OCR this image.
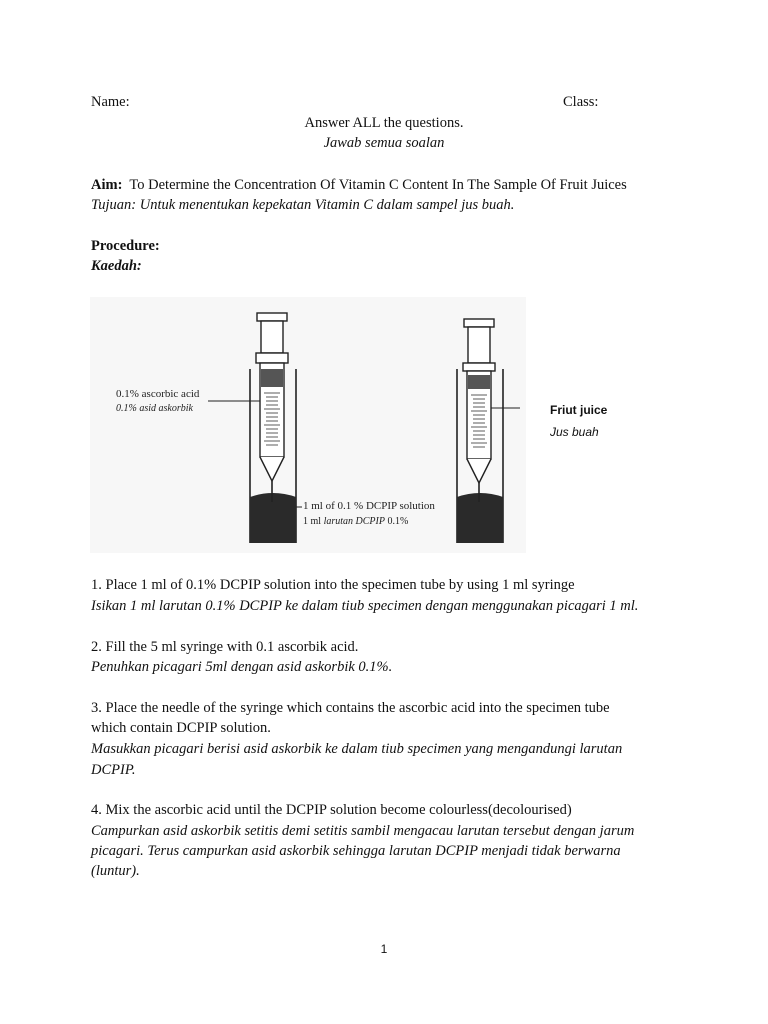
Name:	Class:
Answer ALL the questions.
Jawab semua soalan
Aim: To Determine the Concentration Of Vitamin C Content In The Sample Of Fruit Juices
Tujuan: Untuk menentukan kepekatan Vitamin C dalam sampel jus buah.
Procedure:
Kaedah:
0.1% ascorbic acid
0.1% asid askorbik
1 ml of 0.1 % DCPIP solution
1 ml larutan DCPIP 0.1%
Friut juice
Jus buah
1. Place 1 ml of 0.1% DCPIP solution into the specimen tube by using 1 ml syringe
Isikan 1 ml larutan 0.1% DCPIP ke dalam tiub specimen dengan menggunakan picagari 1 ml.
2. Fill the 5 ml syringe with 0.1 ascorbik acid.
Penuhkan picagari 5ml dengan asid askorbik 0.1%.
3. Place the needle of the syringe which contains the ascorbic acid into the specimen tube
which contain DCPIP solution.
Masukkan picagari berisi asid askorbik ke dalam tiub specimen yang mengandungi larutan
DCPIP.
4. Mix the ascorbic acid until the DCPIP solution become colourless(decolourised)
Campurkan asid askorbik setitis demi setitis sambil mengacau larutan tersebut dengan jarum
picagari. Terus campurkan asid askorbik sehingga larutan DCPIP menjadi tidak berwarna
(luntur).
1
